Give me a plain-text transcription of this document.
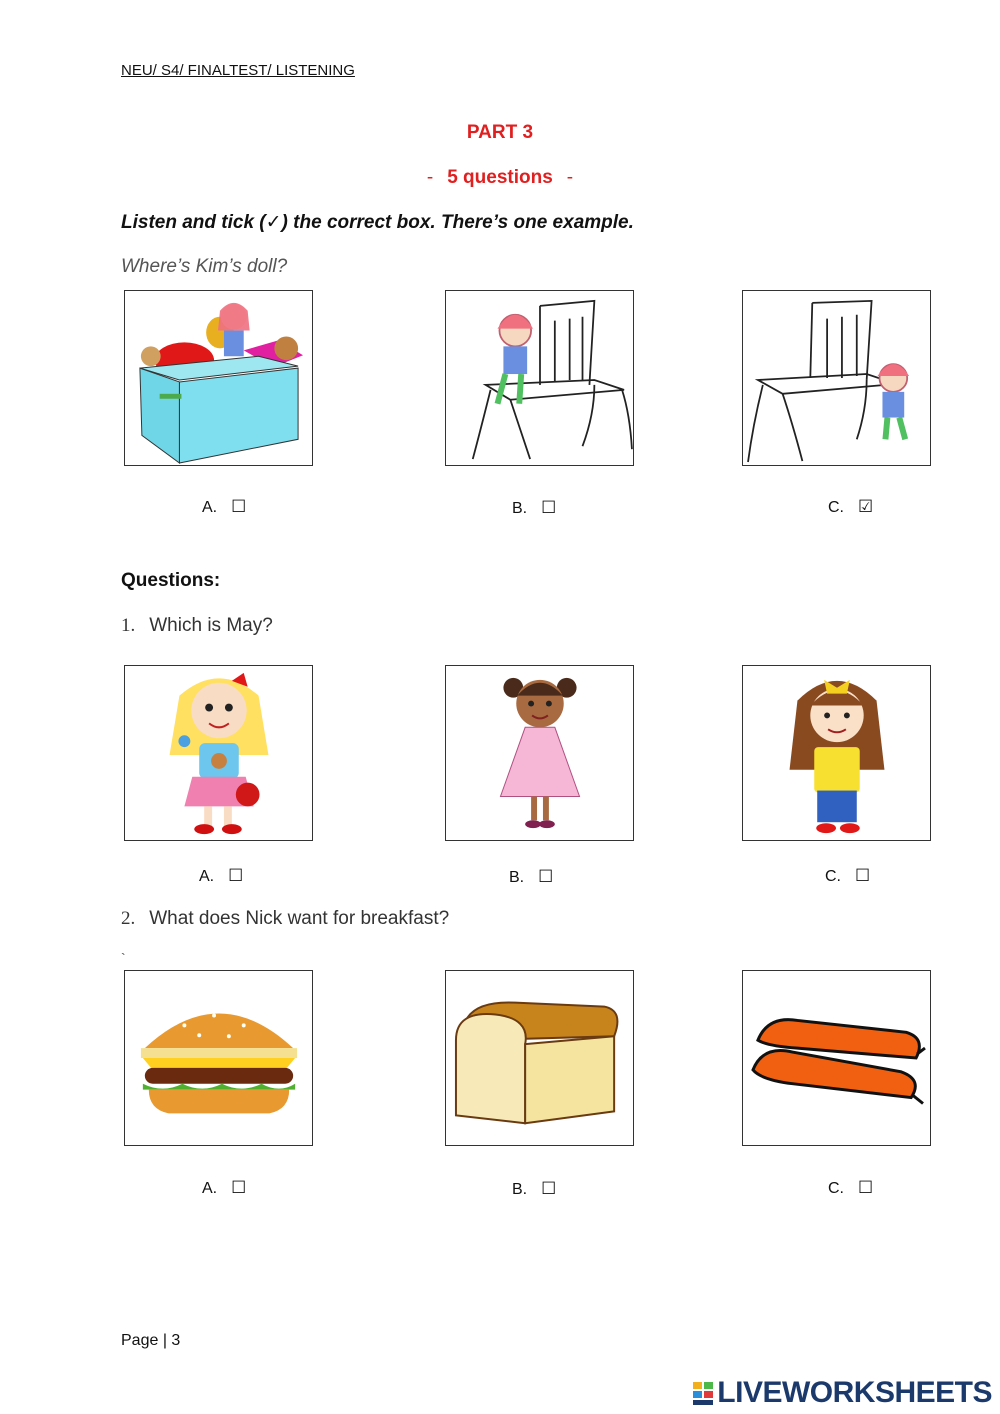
NEU/ S4/ FINALTEST/ LISTENING
PART 3
- 5 questions -
Listen and tick (✓) the correct box. There’s one example.
Where’s Kim’s doll?
A. ☐	B. ☐	C. ☑
Questions:
1. Which is May?
A. ☐	B. ☐	C. ☐
2. What does Nick want for breakfast?
`
A. ☐	B. ☐	C. ☐
Page | 3
LIVEWORKSHEETS
